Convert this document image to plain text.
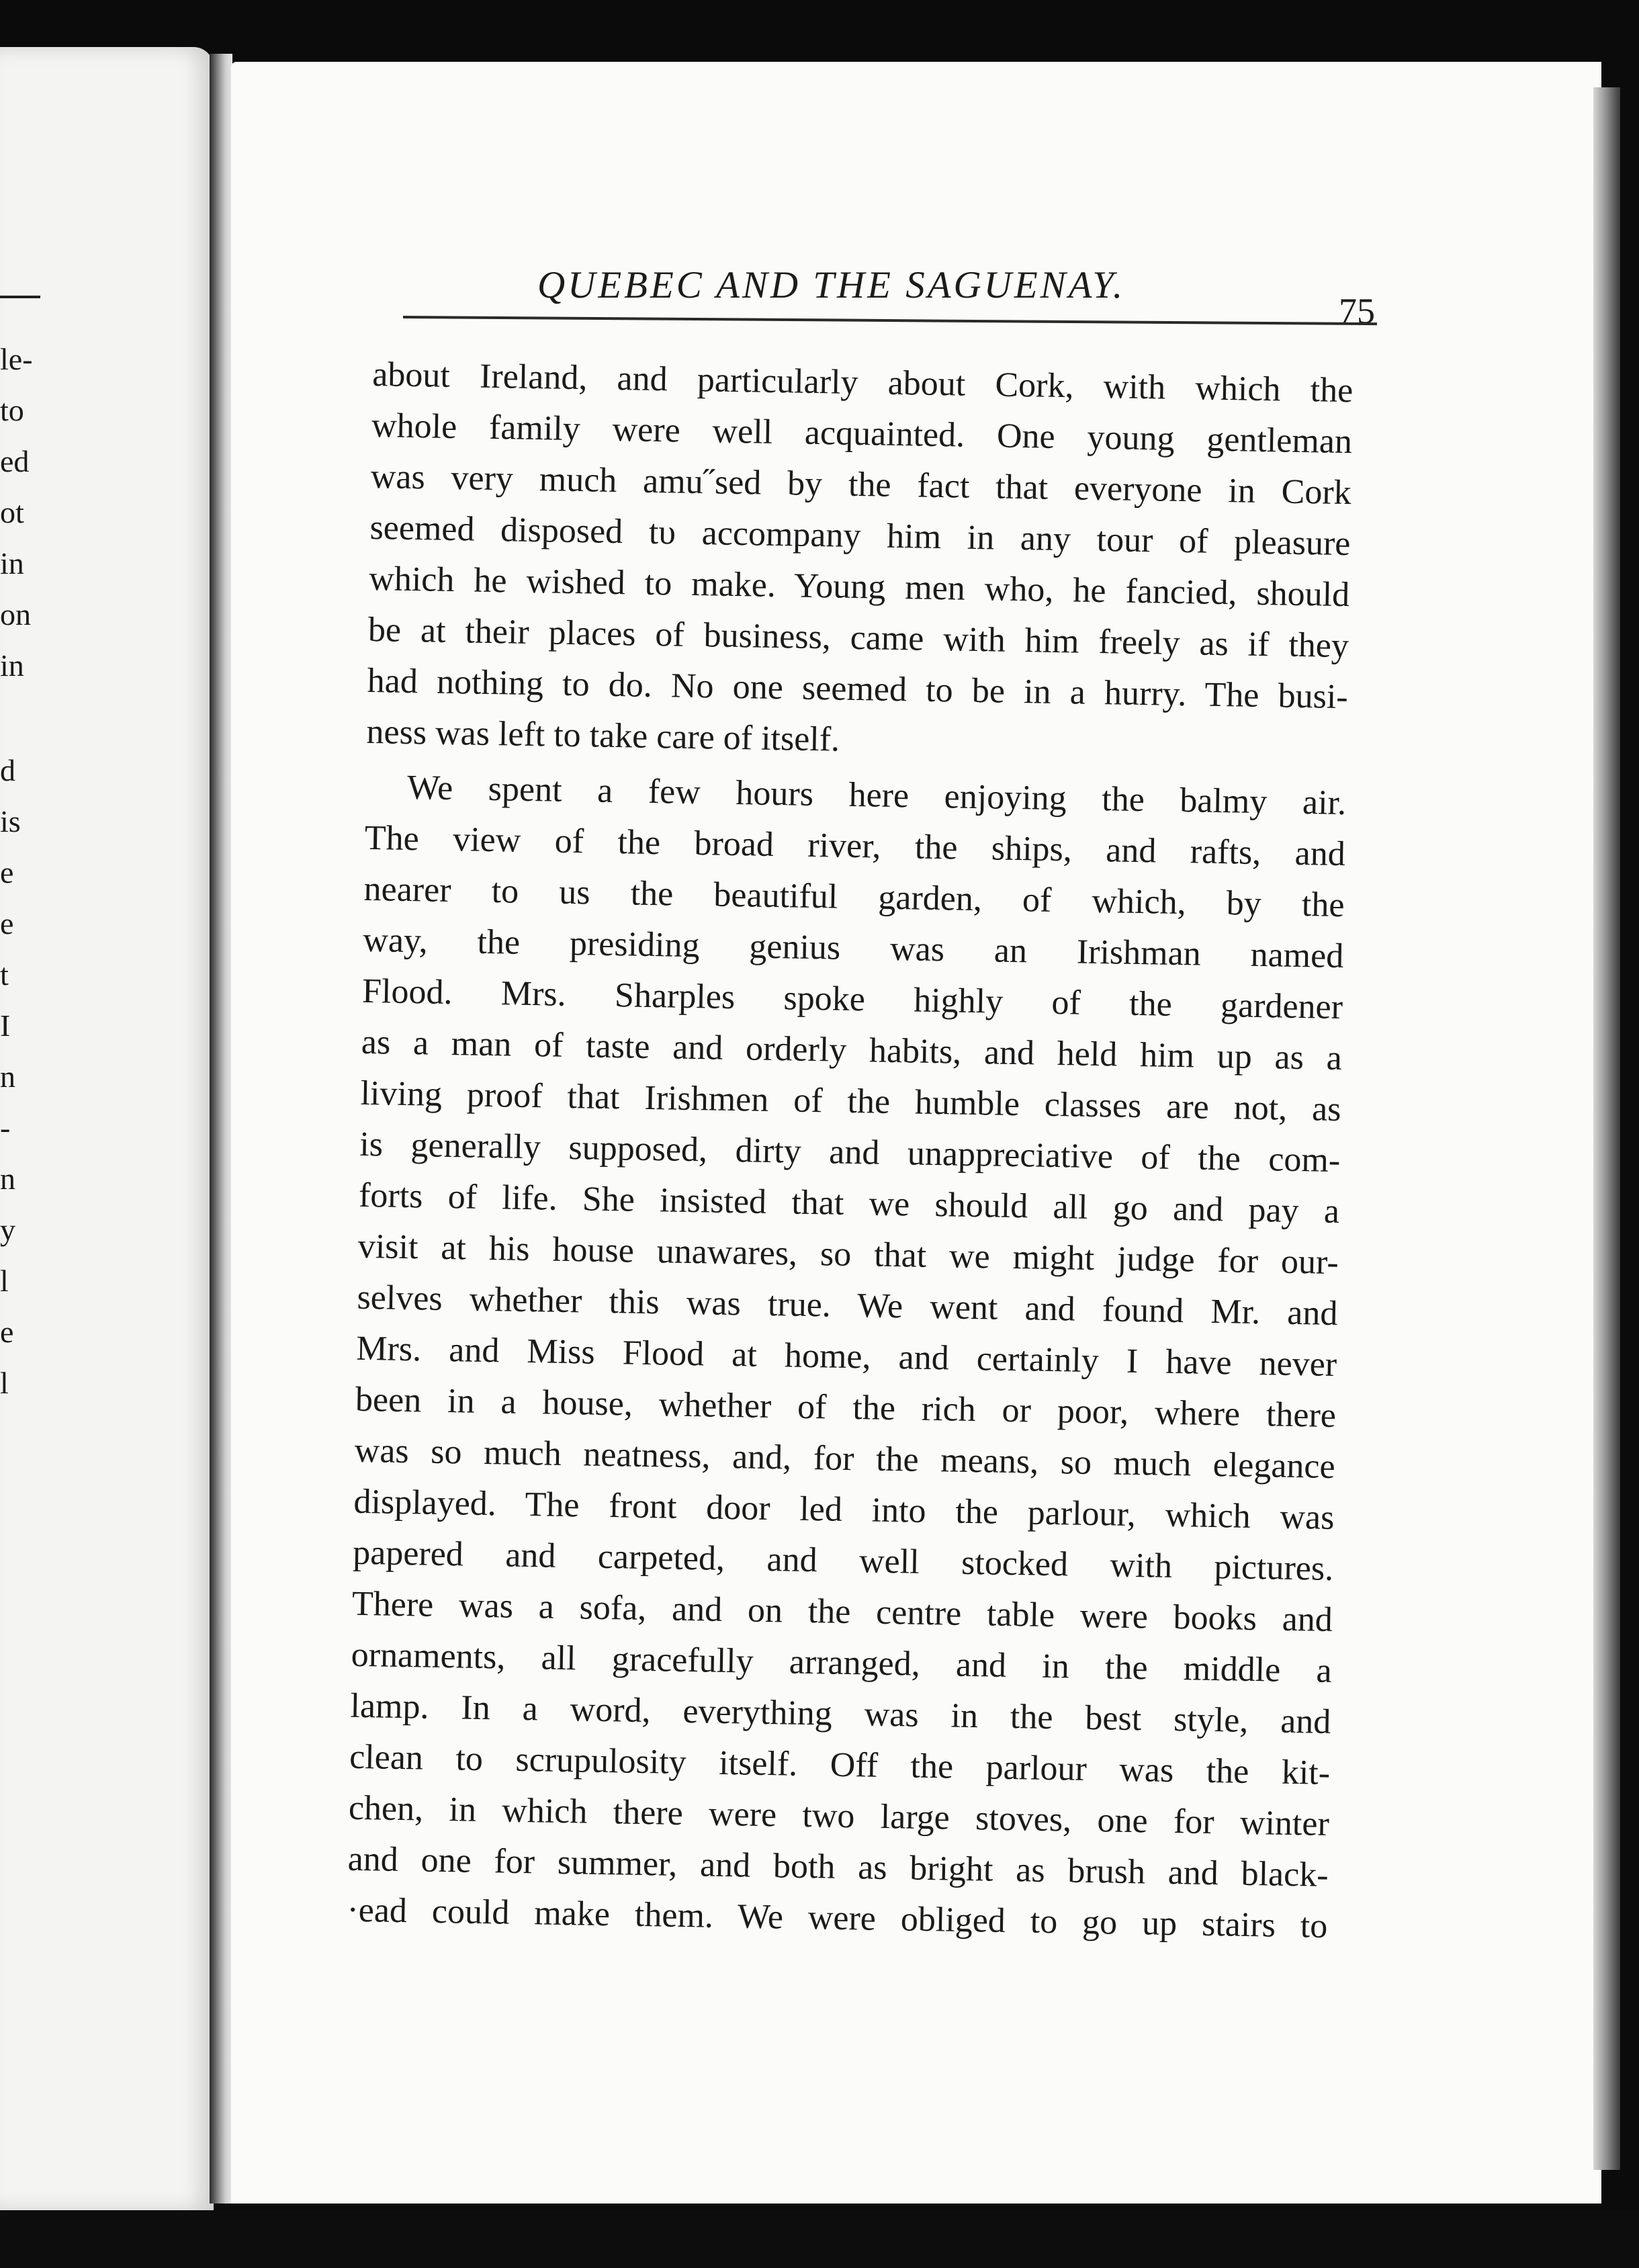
le-
to
ed
ot
in
on
in
d
is
e
e
t
I
n
-
n
y
l
e
l
QUEBEC AND THE SAGUENAY.
75
about Ireland, and particularly about Cork, with which the
whole family were well acquainted. One young gentleman
was very much amu˝sed by the fact that everyone in Cork
seemed disposed tυ accompany him in any tour of pleasure
which he wished to make. Young men who, he fancied, should
be at their places of business, came with him freely as if they
had nothing to do. No one seemed to be in a hurry. The busi-
ness was left to take care of itself.
We spent a few hours here enjoying the balmy air.
The view of the broad river, the ships, and rafts, and
nearer to us the beautiful garden, of which, by the
way, the presiding genius was an Irishman named
Flood. Mrs. Sharples spoke highly of the gardener
as a man of taste and orderly habits, and held him up as a
living proof that Irishmen of the humble classes are not, as
is generally supposed, dirty and unappreciative of the com-
forts of life. She insisted that we should all go and pay a
visit at his house unawares, so that we might judge for our-
selves whether this was true. We went and found Mr. and
Mrs. and Miss Flood at home, and certainly I have never
been in a house, whether of the rich or poor, where there
was so much neatness, and, for the means, so much elegance
displayed. The front door led into the parlour, which was
papered and carpeted, and well stocked with pictures.
There was a sofa, and on the centre table were books and
ornaments, all gracefully arranged, and in the middle a
lamp. In a word, everything was in the best style, and
clean to scrupulosity itself. Off the parlour was the kit-
chen, in which there were two large stoves, one for winter
and one for summer, and both as bright as brush and black-
·ead could make them. We were obliged to go up stairs to
